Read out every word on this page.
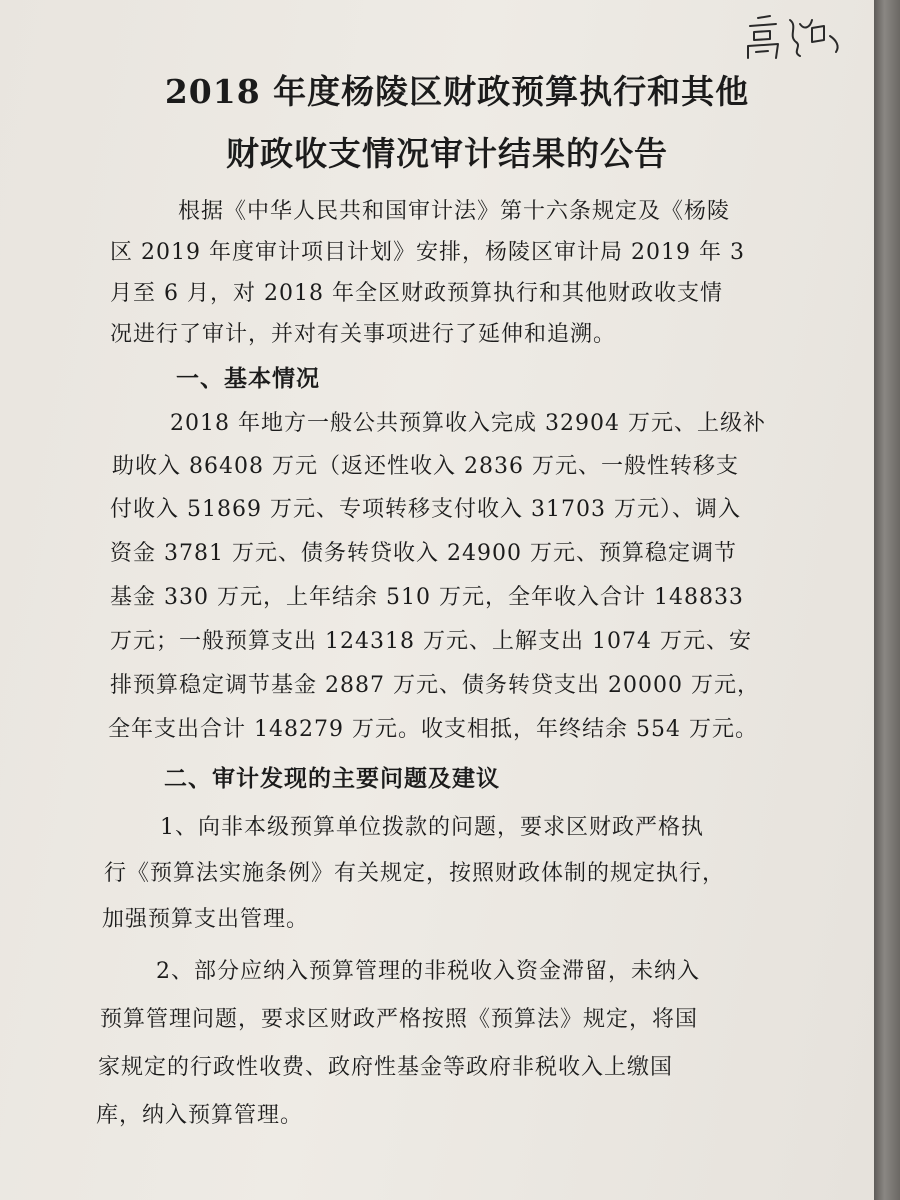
2018 年度杨陵区财政预算执行和其他
财政收支情况审计结果的公告
根据《中华人民共和国审计法》第十六条规定及《杨陵
区 2019 年度审计项目计划》安排，杨陵区审计局 2019 年 3
月至 6 月，对 2018 年全区财政预算执行和其他财政收支情
况进行了审计，并对有关事项进行了延伸和追溯。
一、基本情况
2018 年地方一般公共预算收入完成 32904 万元、上级补
助收入 86408 万元（返还性收入 2836 万元、一般性转移支
付收入 51869 万元、专项转移支付收入 31703 万元）、调入
资金 3781 万元、债务转贷收入 24900 万元、预算稳定调节
基金 330 万元，上年结余 510 万元，全年收入合计 148833
万元；一般预算支出 124318 万元、上解支出 1074 万元、安
排预算稳定调节基金 2887 万元、债务转贷支出 20000 万元，
全年支出合计 148279 万元。收支相抵，年终结余 554 万元。
二、审计发现的主要问题及建议
1、向非本级预算单位拨款的问题，要求区财政严格执
行《预算法实施条例》有关规定，按照财政体制的规定执行，
加强预算支出管理。
2、部分应纳入预算管理的非税收入资金滞留，未纳入
预算管理问题，要求区财政严格按照《预算法》规定，将国
家规定的行政性收费、政府性基金等政府非税收入上缴国
库，纳入预算管理。
